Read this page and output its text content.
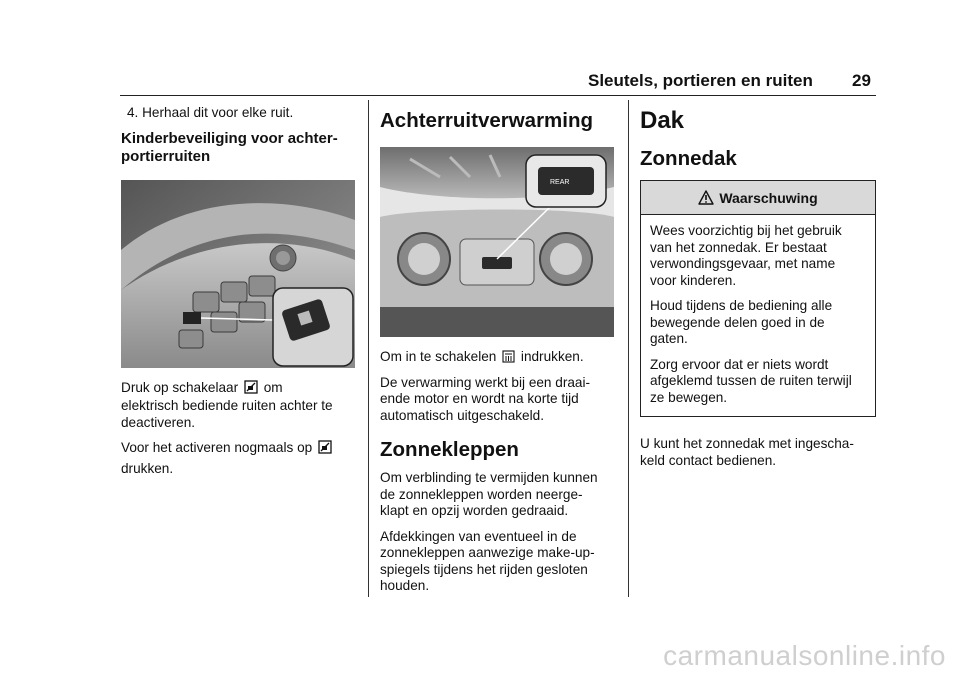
Sleutels, portieren en ruiten 29

4. Herhaal dit voor elke ruit.

Kinderbeveiliging voor achter-
portierruiten

Druk op schakelaar om

elektrisch bediende ruiten achter te deactiveren.

Voor het activeren nogmaals op

drukken.

Achterruitverwarming
REAR

Om in te schakelen indrukken.

De verwarming werkt bij een draai-
ende motor en wordt na korte tijd
automatisch uitgeschakeld.

Zonnekleppen

Om verblinding te vermijden kunnen
de zonnekleppen worden neerge-
klapt en opzij worden gedraaid.

Afdekkingen van eventueel in de
zonnekleppen aanwezige make-up-
spiegels tijdens het rijden gesloten
houden.

Dak
Zonnedak
Waarschuwing

Wees voorzichtig bij het gebruik
van het zonnedak. Er bestaat
verwondingsgevaar, met name
voor kinderen.

Houd tijdens de bediening alle
bewegende delen goed in de
gaten.

Zorg ervoor dat er niets wordt
afgeklemd tussen de ruiten terwijl
ze bewegen.

U kunt het zonnedak met ingescha-
keld contact bedienen.

carmanualsonline.info
